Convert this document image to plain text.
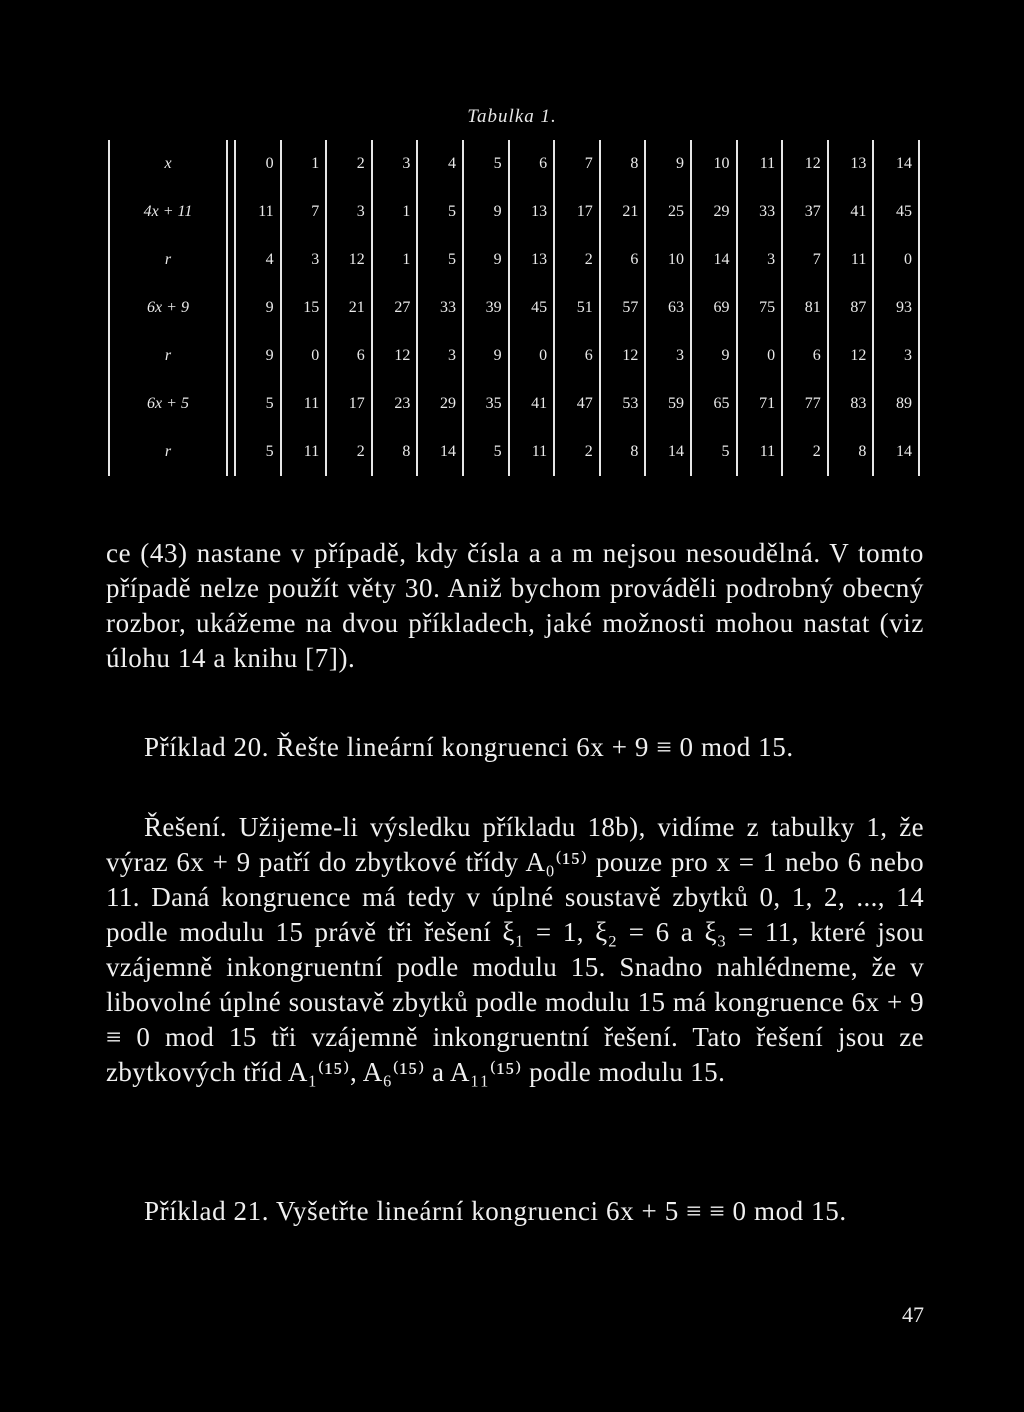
Tabulka 1.
x		0	1	2	3	4	5	6	7	8	9	10	11	12	13	14
4x + 11		11	7	3	1	5	9	13	17	21	25	29	33	37	41	45
r		4	3	12	1	5	9	13	2	6	10	14	3	7	11	0
6x + 9		9	15	21	27	33	39	45	51	57	63	69	75	81	87	93
r		9	0	6	12	3	9	0	6	12	3	9	0	6	12	3
6x + 5		5	11	17	23	29	35	41	47	53	59	65	71	77	83	89
r		5	11	2	8	14	5	11	2	8	14	5	11	2	8	14

ce (43) nastane v případě, kdy čísla a a m nejsou nesoudělná. V tomto případě nelze použít věty 30. Aniž bychom prováděli podrobný obecný rozbor, ukážeme na dvou příkladech, jaké možnosti mohou nastat (viz úlohu 14 a knihu [7]).

Příklad 20. Řešte lineární kongruenci 6x + 9 ≡ 0 mod 15.

Řešení. Užijeme-li výsledku příkladu 18b), vidíme z tabulky 1, že výraz 6x + 9 patří do zbytkové třídy A₀⁽¹⁵⁾ pouze pro x = 1 nebo 6 nebo 11. Daná kongruence má tedy v úplné soustavě zbytků 0, 1, 2, ..., 14 podle modulu 15 právě tři řešení ξ₁ = 1, ξ₂ = 6 a ξ₃ = 11, které jsou vzájemně inkongruentní podle modulu 15. Snadno nahlédneme, že v libovolné úplné soustavě zbytků podle modulu 15 má kongruence 6x + 9 ≡ 0 mod 15 tři vzájemně inkongruentní řešení. Tato řešení jsou ze zbytkových tříd A₁⁽¹⁵⁾, A₆⁽¹⁵⁾ a A₁₁⁽¹⁵⁾ podle modulu 15.

Příklad 21. Vyšetřte lineární kongruenci 6x + 5 ≡ ≡ 0 mod 15.

47
